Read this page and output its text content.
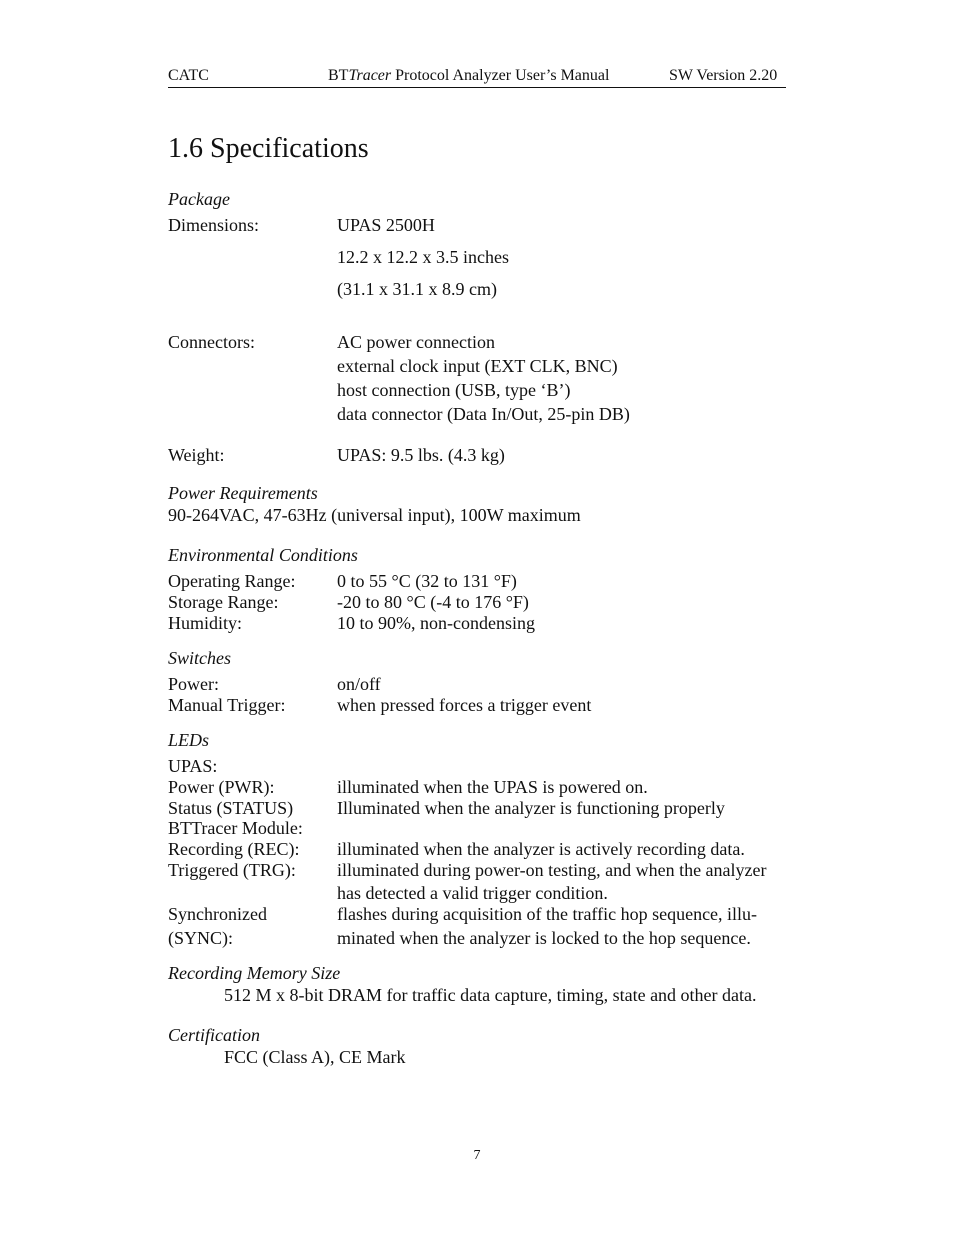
CATC	BTTracer Protocol Analyzer User’s Manual	SW Version 2.20
1.6 Specifications
Package
Dimensions:	UPAS 2500H
12.2 x 12.2 x 3.5 inches
(31.1 x 31.1 x 8.9 cm)
Connectors:	AC power connection
external clock input (EXT CLK, BNC)
host connection (USB, type ‘B’)
data connector (Data In/Out, 25-pin DB)
Weight:	UPAS: 9.5 lbs. (4.3 kg)
Power Requirements
90-264VAC, 47-63Hz (universal input), 100W maximum
Environmental Conditions
Operating Range: 0 to 55 °C (32 to 131 °F)
Storage Range:	-20 to 80 °C (-4 to 176 °F)
Humidity:	10 to 90%, non-condensing
Switches
Power:	on/off
Manual Trigger:	when pressed forces a trigger event
LEDs
UPAS:
Power (PWR):	illuminated when the UPAS is powered on.
Status (STATUS) Illuminated when the analyzer is functioning properly
BTTracer Module:
Recording (REC): illuminated when the analyzer is actively recording data.
Triggered (TRG): illuminated during power-on testing, and when the analyzer
has detected a valid trigger condition.
Synchronized	flashes during acquisition of the traffic hop sequence, illu-
(SYNC):	minated when the analyzer is locked to the hop sequence.
Recording Memory Size
512 M x 8-bit DRAM for traffic data capture, timing, state and other data.
Certification
FCC (Class A), CE Mark
7
